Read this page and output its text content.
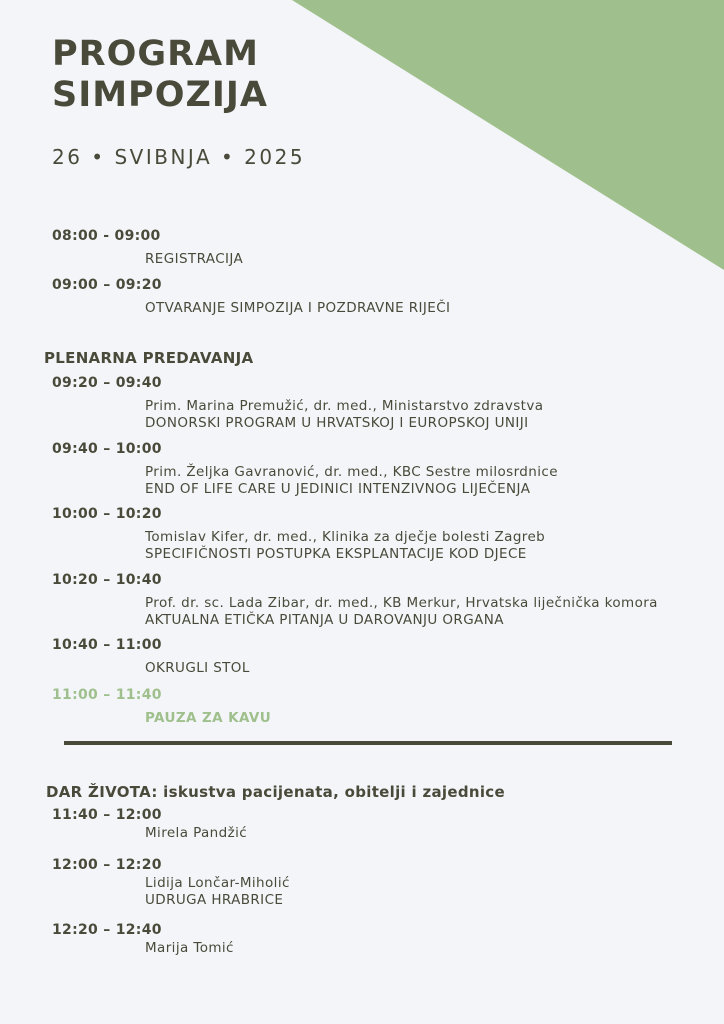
PROGRAM
SIMPOZIJA
26 • SVIBNJA • 2025
08:00 - 09:00
REGISTRACIJA
09:00 – 09:20
OTVARANJE SIMPOZIJA I POZDRAVNE RIJEČI
PLENARNA PREDAVANJA
09:20 – 09:40
Prim. Marina Premužić, dr. med., Ministarstvo zdravstva
DONORSKI PROGRAM U HRVATSKOJ I EUROPSKOJ UNIJI
09:40 – 10:00
Prim. Željka Gavranović, dr. med., KBC Sestre milosrdnice
END OF LIFE CARE U JEDINICI INTENZIVNOG LIJEČENJA
10:00 – 10:20
Tomislav Kifer, dr. med., Klinika za dječje bolesti Zagreb
SPECIFIČNOSTI POSTUPKA EKSPLANTACIJE KOD DJECE
10:20 – 10:40
Prof. dr. sc. Lada Zibar, dr. med., KB Merkur, Hrvatska liječnička komora
AKTUALNA ETIČKA PITANJA U DAROVANJU ORGANA
10:40 – 11:00
OKRUGLI STOL
11:00 – 11:40
PAUZA ZA KAVU
DAR ŽIVOTA: iskustva pacijenata, obitelji i zajednice
11:40 – 12:00
Mirela Pandžić
12:00 – 12:20
Lidija Lončar-Miholić
UDRUGA HRABRICE
12:20 – 12:40
Marija Tomić
